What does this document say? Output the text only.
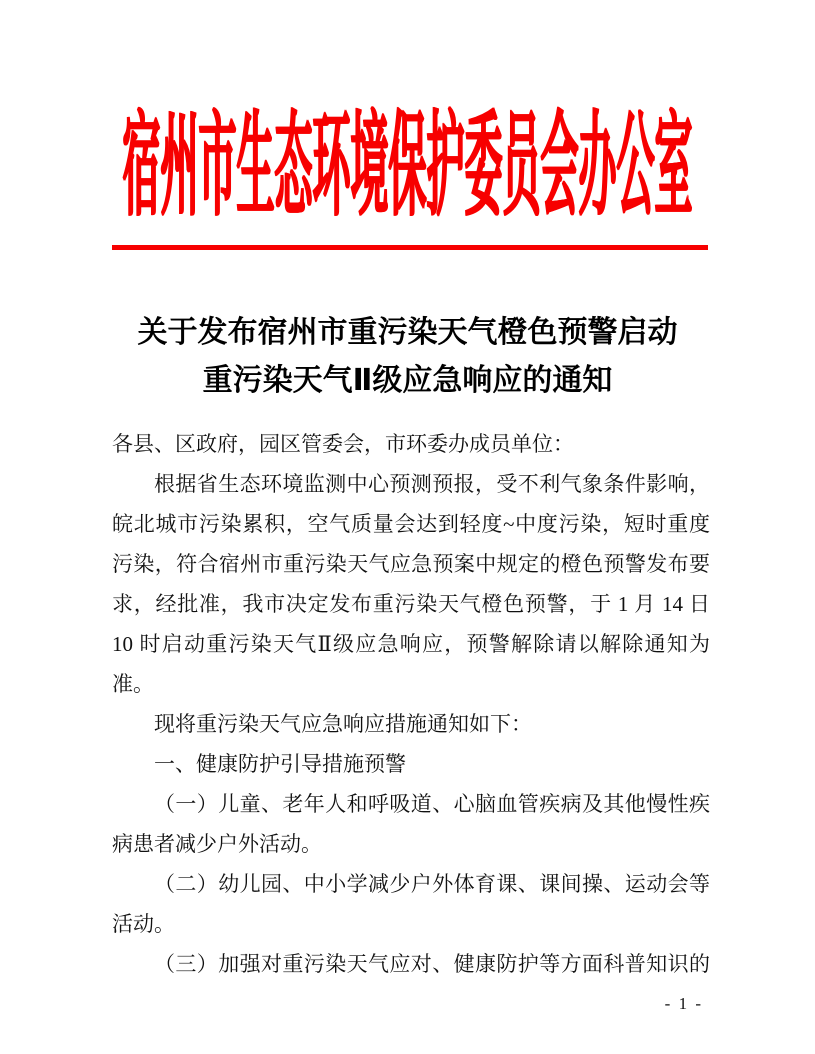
宿州市生态环境保护委员会办公室
关于发布宿州市重污染天气橙色预警启动
重污染天气Ⅱ级应急响应的通知
各县、区政府，园区管委会，市环委办成员单位：
根据省生态环境监测中心预测预报，受不利气象条件影响，
皖北城市污染累积，空气质量会达到轻度~中度污染，短时重度
污染，符合宿州市重污染天气应急预案中规定的橙色预警发布要
求，经批准，我市决定发布重污染天气橙色预警，于 1 月 14 日
10 时启动重污染天气Ⅱ级应急响应，预警解除请以解除通知为
准。
现将重污染天气应急响应措施通知如下：
一、健康防护引导措施预警
（一）儿童、老年人和呼吸道、心脑血管疾病及其他慢性疾
病患者减少户外活动。
（二）幼儿园、中小学减少户外体育课、课间操、运动会等
活动。
（三）加强对重污染天气应对、健康防护等方面科普知识的
- 1 -
